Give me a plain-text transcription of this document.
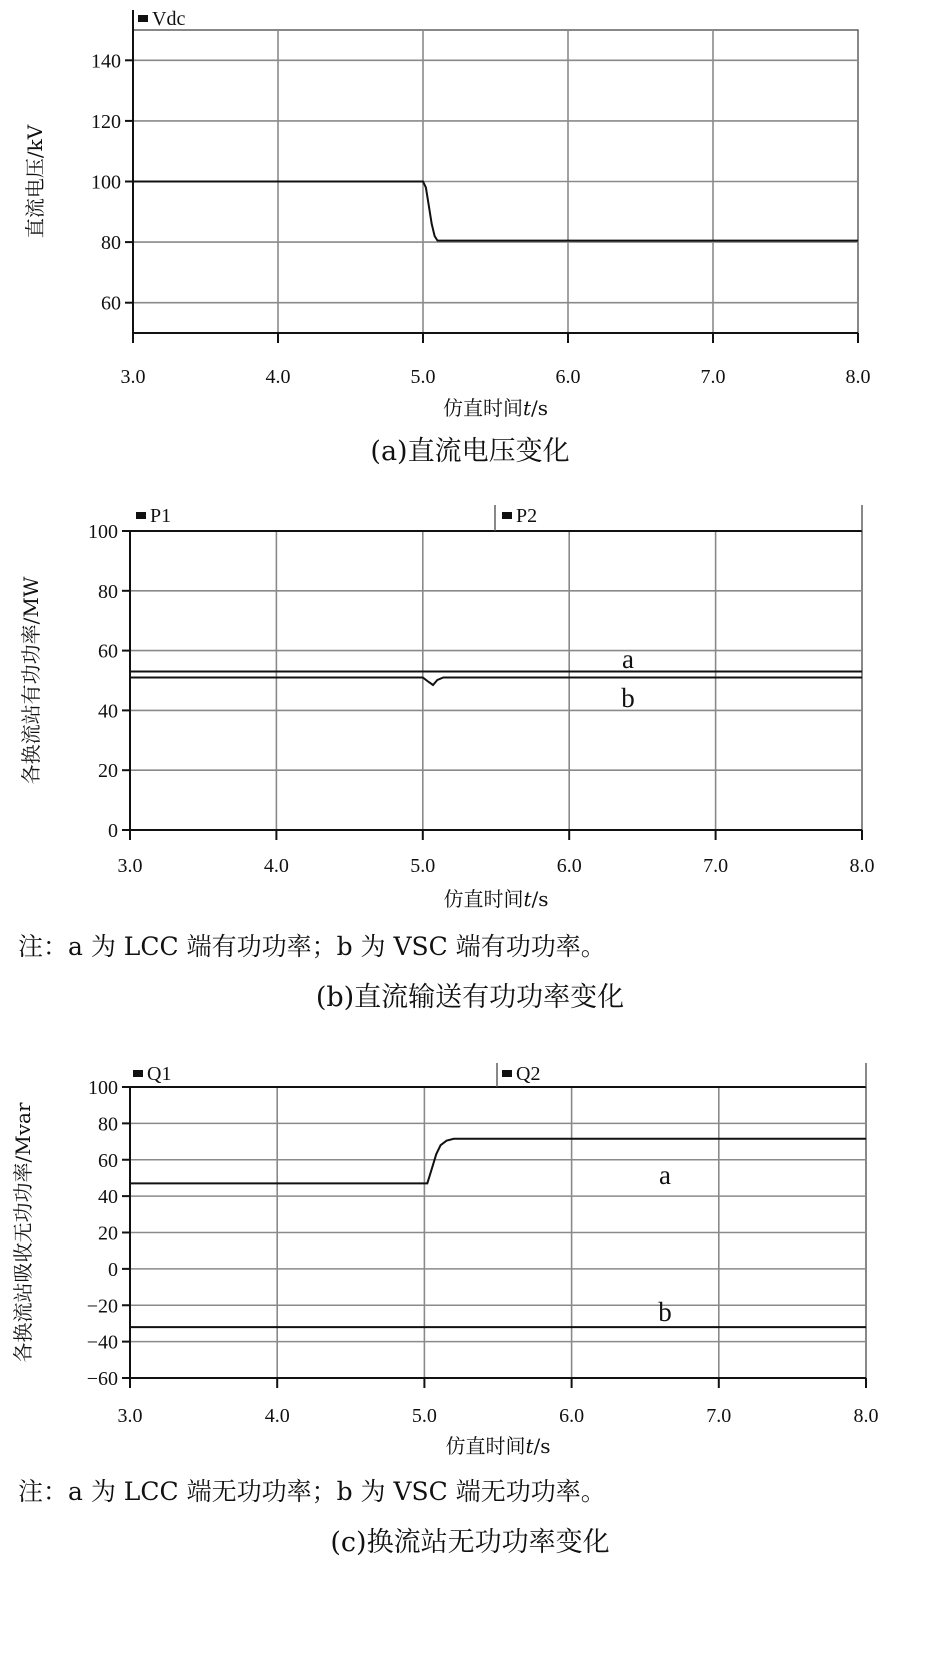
3.0	4.0	5.0	6.0	7.0	8.0
60
80
100
120
140
Vdc
直流电压/kV
仿直时间t/s
(a)直流电压变化
3.0	4.0	5.0	6.0	7.0	8.0
0
20
40
60
80
100
P1	P2
a
b
各换流站有功功率/MW
仿直时间t/s
注：a 为 LCC 端有功功率；b 为 VSC 端有功功率。
(b)直流输送有功功率变化
3.0	4.0	5.0	6.0	7.0	8.0
−60
−40
−20
0
20
40
60
80
100
Q1	Q2
a
b
各换流站吸收无功功率/Mvar
仿直时间t/s
注：a 为 LCC 端无功功率；b 为 VSC 端无功功率。
(c)换流站无功功率变化
